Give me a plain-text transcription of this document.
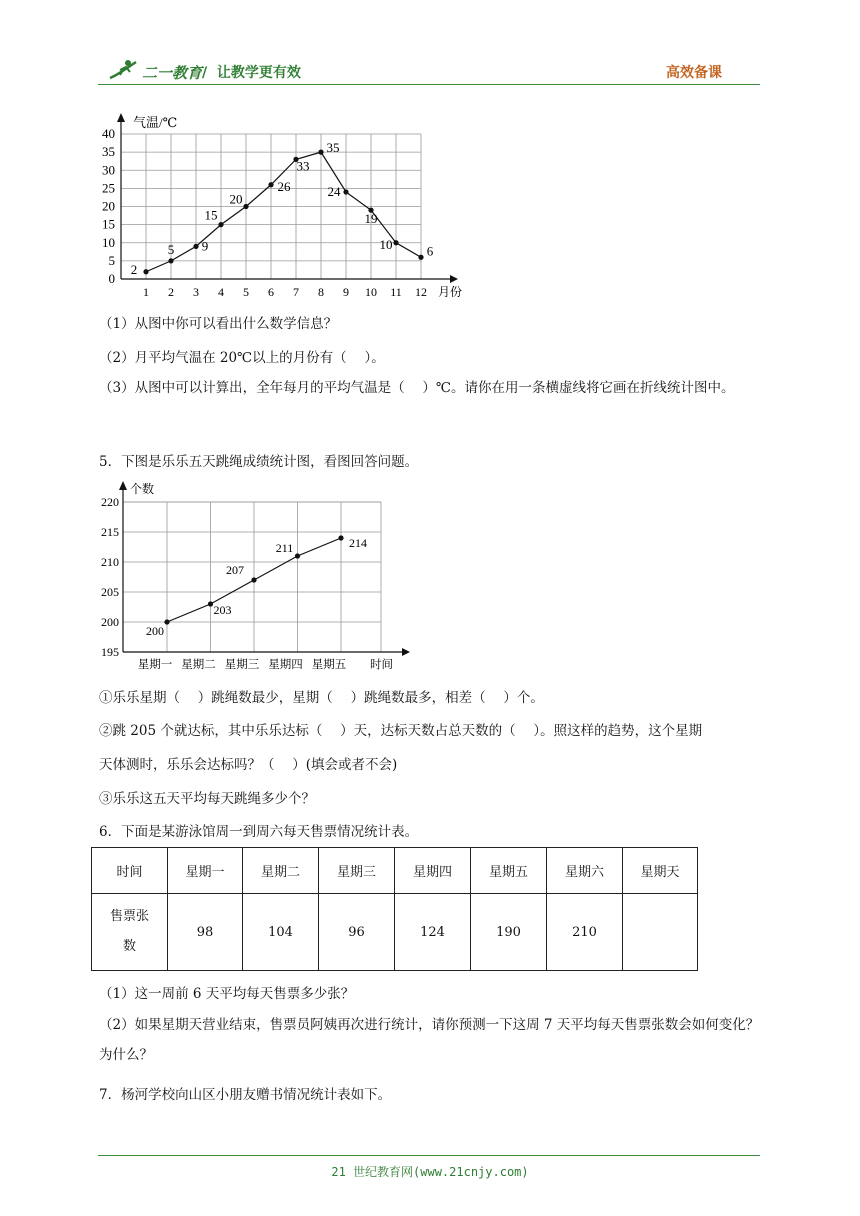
二一教育 / 让教学更有效	高效备课
0
5
10
15
20
25
30
35
40
1 2 3 4 5 6 7 8 9 10 11 12
气温/℃
月份
2
5 9
15
20
26
33
35
24
19
10	6
（1）从图中你可以看出什么数学信息？
（2）月平均气温在 20℃以上的月份有（　 ）。
（3）从图中可以计算出，全年每月的平均气温是（　 ）℃。请你在用一条横虚线将它画在折线统计图中。
5．下图是乐乐五天跳绳成绩统计图，看图回答问题。
195
200
205
210
215
220
个数
星期一 星期二 星期三 星期四 星期五 时间
200
203
207
211	214
①乐乐星期（　 ）跳绳数最少，星期（　 ）跳绳数最多，相差（　 ）个。
②跳 205 个就达标，其中乐乐达标（　 ）天，达标天数占总天数的（　 ）。照这样的趋势，这个星期
天体测时，乐乐会达标吗？（　 ）(填会或者不会)
③乐乐这五天平均每天跳绳多少个？
6．下面是某游泳馆周一到周六每天售票情况统计表。
时间	星期一	星期二	星期三	星期四	星期五	星期六	星期天
售票张
数	98	104	96	124	190	210	
（1）这一周前 6 天平均每天售票多少张？
（2）如果星期天营业结束，售票员阿姨再次进行统计，请你预测一下这周 7 天平均每天售票张数会如何变化？为什么？
7．杨河学校向山区小朋友赠书情况统计表如下。
21 世纪教育网(www.21cnjy.com)
